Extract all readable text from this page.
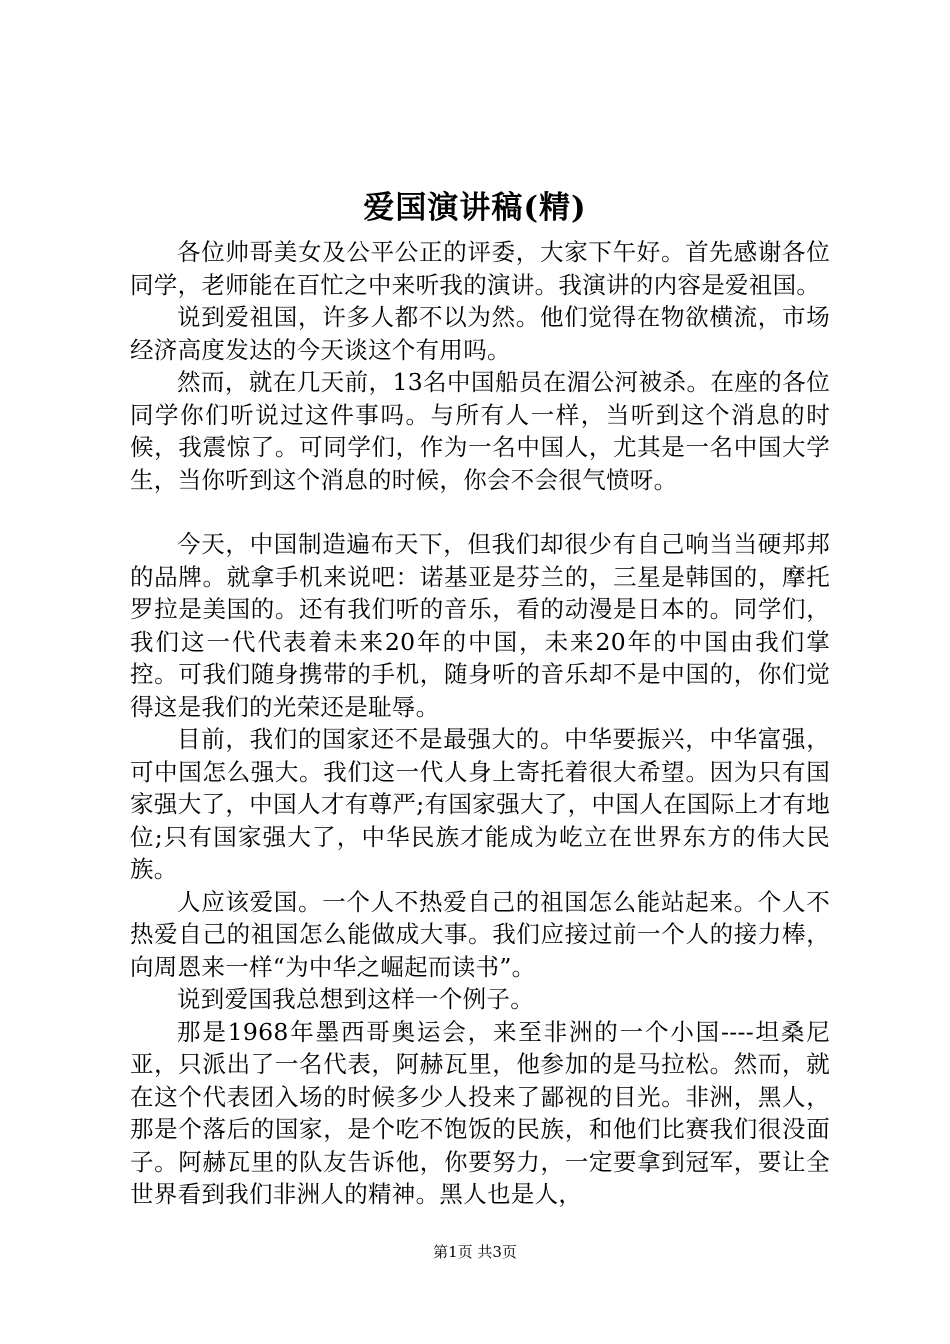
爱国演讲稿(精)

各位帅哥美女及公平公正的评委，大家下午好。首先感谢各位同学，老师能在百忙之中来听我的演讲。我演讲的内容是爱祖国。

说到爱祖国，许多人都不以为然。他们觉得在物欲横流，市场经济高度发达的今天谈这个有用吗。

然而，就在几天前，13名中国船员在湄公河被杀。在座的各位同学你们听说过这件事吗。与所有人一样，当听到这个消息的时候，我震惊了。可同学们，作为一名中国人，尤其是一名中国大学生，当你听到这个消息的时候，你会不会很气愤呀。

今天，中国制造遍布天下，但我们却很少有自己响当当硬邦邦的品牌。就拿手机来说吧：诺基亚是芬兰的，三星是韩国的，摩托罗拉是美国的。还有我们听的音乐，看的动漫是日本的。同学们，我们这一代代表着未来20年的中国，未来20年的中国由我们掌控。可我们随身携带的手机，随身听的音乐却不是中国的，你们觉得这是我们的光荣还是耻辱。

目前，我们的国家还不是最强大的。中华要振兴，中华富强，可中国怎么强大。我们这一代人身上寄托着很大希望。因为只有国家强大了，中国人才有尊严;有国家强大了，中国人在国际上才有地位;只有国家强大了，中华民族才能成为屹立在世界东方的伟大民族。

人应该爱国。一个人不热爱自己的祖国怎么能站起来。个人不热爱自己的祖国怎么能做成大事。我们应接过前一个人的接力棒，向周恩来一样“为中华之崛起而读书”。

说到爱国我总想到这样一个例子。

那是1968年墨西哥奥运会，来至非洲的一个小国----坦桑尼亚，只派出了一名代表，阿赫瓦里，他参加的是马拉松。然而，就在这个代表团入场的时候多少人投来了鄙视的目光。非洲，黑人，那是个落后的国家，是个吃不饱饭的民族，和他们比赛我们很没面子。阿赫瓦里的队友告诉他，你要努力，一定要拿到冠军，要让全世界看到我们非洲人的精神。黑人也是人，

第1页 共3页
